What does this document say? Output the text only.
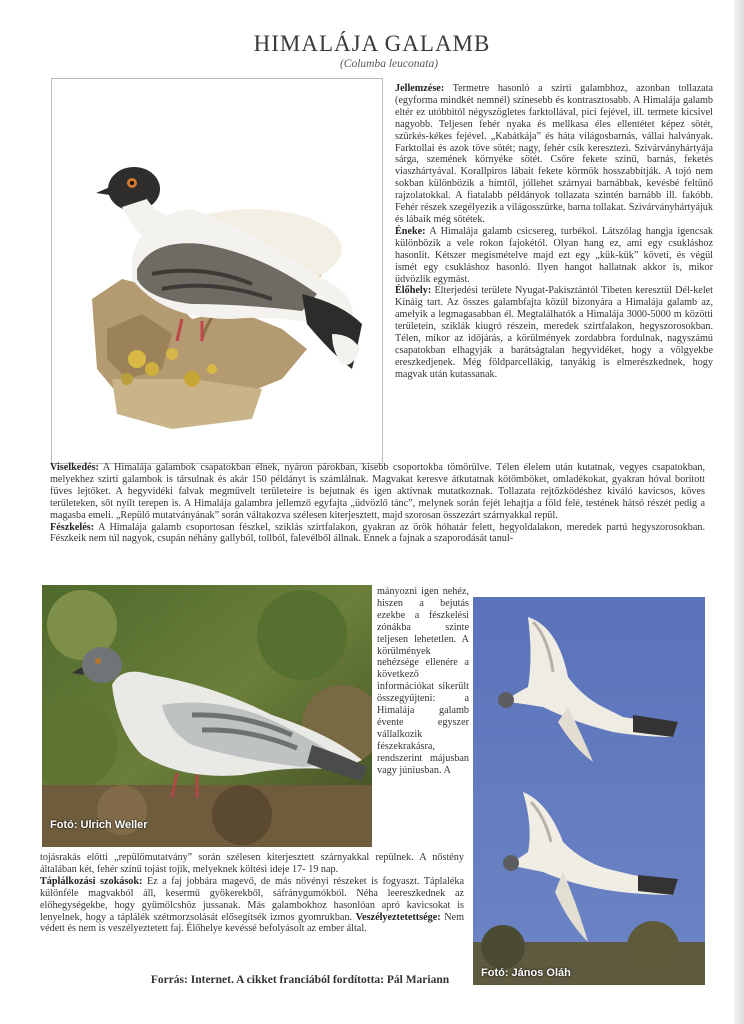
HIMALÁJA GALAMB
(Columba leuconata)

Jellemzése: Termetre hasonló a szirti galambhoz, azonban tollazata (egyforma mindkét nemnél) színesebb és kontrasztosabb. A Himalája galamb eltér ez utóbbitól négyszögletes farktollával, pici fejével, ill. termete kicsivel nagyobb. Teljesen fehér nyaka és mellkasa éles ellentétet képez sötét, szürkés-kékes fejével. „Kabátkája” és háta világosbarnás, vállai halványak. Farktollai és azok töve sötét; nagy, fehér csík keresztezi. Szivárványhártyája sárga, szemének környéke sötét. Csőre fekete színű, barnás, feketés viaszhártyával. Korallpiros lábait fekete körmök hosszabbítják. A tojó nem sokban különbözik a hímtől, jóllehet szárnyai barnábbak, kevésbé feltűnő rajzolatokkal. A fiatalabb példányok tollazata szintén barnább ill. fakóbb. Fehér részek szegélyezik a világosszürke, barna tollakat. Szivárványhártyájuk és lábaik még sötétek.

Éneke: A Himalája galamb csicsereg, turbékol. Látszólag hangja igencsak különbözik a vele rokon fajokétól. Olyan hang ez, ami egy csukláshoz hasonlít. Kétszer megismételve majd ezt egy „kük-kük” követi, és végül ismét egy csukláshoz hasonló. Ilyen hangot hallatnak akkor is, mikor üdvözlik egymást.

Élőhely: Elterjedési területe Nyugat-Pakisztántól Tibeten keresztül Dél-kelet Kínáig tart. Az összes galambfajta közül bizonyára a Himalája galamb az, amelyik a legmagasabban él. Megtalálhatók a Himalája 3000-5000 m közötti területein, sziklák kiugró részein, meredek szirtfalakon, hegyszorosokban. Télen, mikor az időjárás, a körülmények zordabbra fordulnak, nagyszámú csapatokban elhagyják a barátságtalan hegyvidéket, hogy a völgyekbe ereszkedjenek. Még földparcellákig, tanyákig is elmerészkednek, hogy magvak után kutassanak.

Viselkedés: A Himalája galambok csapatokban élnek, nyáron párokban, kisebb csoportokba tömörülve. Télen élelem után kutatnak, vegyes csapatokban, melyekhez szirti galambok is társulnak és akár 150 példányt is számlálnak. Magvakat keresve átkutatnak kötömböket, omladékokat, gyakran hóval borított füves lejtőket. A hegyvidéki falvak megművelt területeire is bejutnak és igen aktívnak mutatkoznak. Tollazata rejtőzködéshez kiváló kavicsos, köves területeken, sőt nyílt terepen is. A Himalája galambra jellemző egyfajta „üdvözlő tánc”, melynek során fejét lehajtja a föld felé, testének hátsó részét pedig a magasba emeli. „Repülő mutatványának” során váltakozva szélesen kiterjesztett, majd szorosan összezárt szárnyakkal repül.

Fészkelés: A Himalája galamb csoportosan fészkel, sziklás szirtfalakon, gyakran az örök hóhatár felett, hegyoldalakon, meredek partú hegyszorosokban. Fészkeik nem túl nagyok, csupán néhány gallyból, tollból, falevélből állnak. Ennek a fajnak a szaporodását tanul-

Fotó: Ulrich Weller

mányozni igen nehéz, hiszen a bejutás ezekbe a fészkelési zónákba szinte teljesen lehetetlen. A körülmények nehézsége ellenére a következő információkat sikerült összegyűjteni: a Himalája galamb évente egyszer vállalkozik fészekrakásra, rendszerint májusban vagy júniusban. A

Fotó: János Oláh

tojásrakás előtti „repülőmutatvány” során szélesen kiterjesztett szárnyakkal repülnek. A nőstény általában két, fehér színű tojást tojik, melyeknek költési ideje 17- 19 nap.

Táplálkozási szokások: Ez a faj jobbára magevő, de más növényi részeket is fogyaszt. Táplaléka különféle magvakból áll, kesermű gyökerekből, sáfránygumókból. Néha leereszkednek az előhegységekbe, hogy gyümölcshöz jussanak. Más galambokhoz hasonlóan apró kavicsokat is lenyelnek, hogy a táplálék szétmorzsolását elősegítsék izmos gyomrukban. Veszélyeztetettsége: Nem védett és nem is veszélyeztetett faj. Élőhelye kevéssé befolyásolt az ember által.

Forrás: Internet. A cikket franciából fordította: Pál Mariann
